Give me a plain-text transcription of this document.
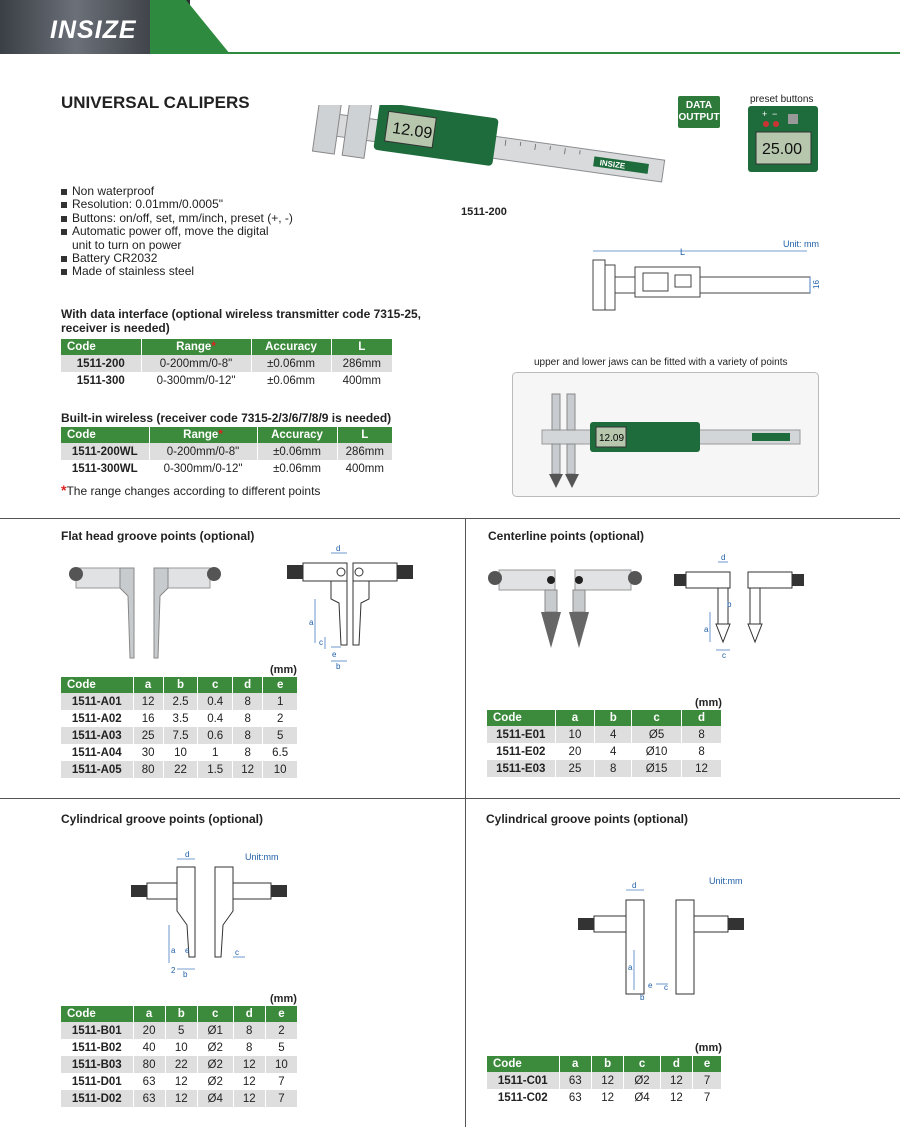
INSIZE
UNIVERSAL CALIPERS
12.09
INSIZE
DATA
OUTPUT
preset buttons
25.00
+ −
Non waterproof
Resolution: 0.01mm/0.0005"
Buttons: on/off, set, mm/inch, preset (+, -)
Automatic power off, move the digital
unit to turn on power
Battery CR2032
Made of stainless steel
1511-200
Unit: mm
L
16
upper and lower jaws can be fitted with a variety of points
12.09
With data interface (optional wireless transmitter code 7315-25,
receiver is needed)
Code	Range*	Accuracy	L
1511-200	0-200mm/0-8"	±0.06mm	286mm
1511-300	0-300mm/0-12"	±0.06mm	400mm
Built-in wireless (receiver code 7315-2/3/6/7/8/9 is needed)
Code	Range*	Accuracy	L
1511-200WL	0-200mm/0-8"	±0.06mm	286mm
1511-300WL	0-300mm/0-12"	±0.06mm	400mm
*The range changes according to different points
Flat head groove points (optional)
d
a
c
e
b
(mm)
Code	a	b	c	d	e
1511-A01	12	2.5	0.4	8	1
1511-A02	16	3.5	0.4	8	2
1511-A03	25	7.5	0.6	8	5
1511-A04	30	10	1	8	6.5
1511-A05	80	22	1.5	12	10
Centerline points (optional)
d
a
b
c
(mm)
Code	a	b	c	d
1511-E01	10	4	Ø5	8
1511-E02	20	4	Ø10	8
1511-E03	25	8	Ø15	12
Cylindrical groove points (optional)
Unit:mm
d
a
2
e	c
b
(mm)
Code	a	b	c	d	e
1511-B01	20	5	Ø1	8	2
1511-B02	40	10	Ø2	8	5
1511-B03	80	22	Ø2	12	10
1511-D01	63	12	Ø2	12	7
1511-D02	63	12	Ø4	12	7
Cylindrical groove points (optional)
Unit:mm
d
a
e c
b
(mm)
Code	a	b	c	d	e
1511-C01	63	12	Ø2	12	7
1511-C02	63	12	Ø4	12	7
